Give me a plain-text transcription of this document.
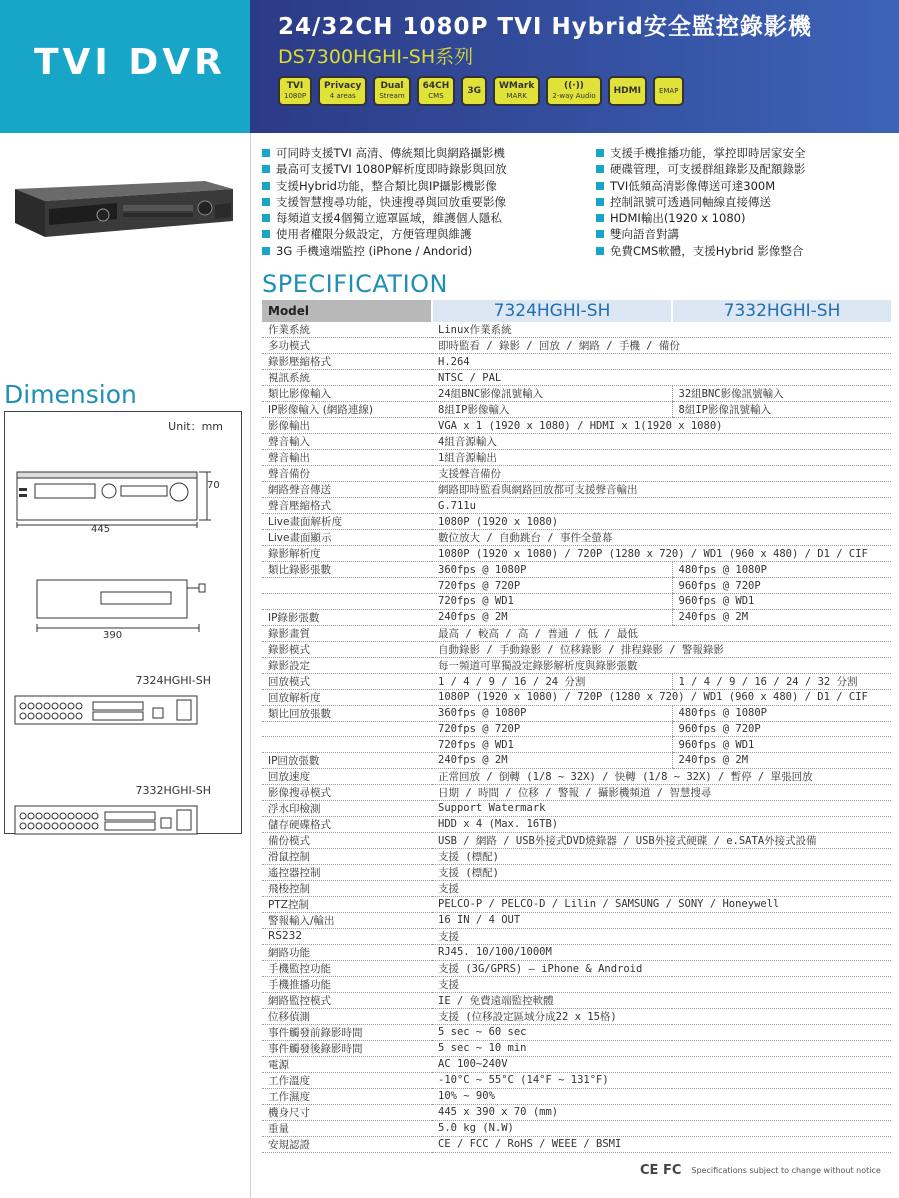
TVI DVR
24/32CH 1080P TVI Hybrid安全監控錄影機
DS7300HGHI-SH系列
TVI
1080P
Privacy
4 areas
Dual
Stream
64CH
CMS	3G WMark
MARK
((·))
2-way Audio HDMI	EMAP
可同時支援TVI 高清、傳統類比與網路攝影機
最高可支援TVI 1080P解析度即時錄影與回放
支援Hybrid功能，整合類比與IP攝影機影像
支援智慧搜尋功能，快速搜尋與回放重要影像
每頻道支援4個獨立遮罩區域，維護個人隱私
使用者權限分級設定，方便管理與維護
3G 手機遠端監控 (iPhone / Andorid)
支援手機推播功能，掌控即時居家安全
硬碟管理，可支援群組錄影及配額錄影
TVI低頻高清影像傳送可達300M
控制訊號可透過同軸線直接傳送
HDMI輸出(1920 x 1080)
雙向語音對講
免費CMS軟體，支援Hybrid 影像整合
Dimension
Unit：mm
70
445
390
7324HGHI-SH
7332HGHI-SH
SPECIFICATION
Model	7324HGHI-SH	7332HGHI-SH
作業系統	Linux作業系統	
多功模式	即時監看 / 錄影 / 回放 / 網路 / 手機 / 備份	
錄影壓縮格式	H.264	
視訊系統	NTSC / PAL	
類比影像輸入	24組BNC影像訊號輸入	32組BNC影像訊號輸入
IP影像輸入 (網路連線)	8組IP影像輸入	8組IP影像訊號輸入
影像輸出	VGA x 1 (1920 x 1080) / HDMI x 1(1920 x 1080)	
聲音輸入	4組音源輸入	
聲音輸出	1組音源輸出	
聲音備份	支援聲音備份	
網路聲音傳送	網路即時監看與網路回放都可支援聲音輸出	
聲音壓縮格式	G.711u	
Live畫面解析度	1080P (1920 x 1080)	
Live畫面顯示	數位放大 / 自動跳台 / 事件全螢幕	
錄影解析度	1080P (1920 x 1080) / 720P (1280 x 720) / WD1 (960 x 480) / D1 / CIF	
類比錄影張數	360fps @ 1080P	480fps @ 1080P
	720fps @ 720P	960fps @ 720P
	720fps @ WD1	960fps @ WD1
IP錄影張數	240fps @ 2M	240fps @ 2M
錄影畫質	最高 / 較高 / 高 / 普通 / 低 / 最低	
錄影模式	自動錄影 / 手動錄影 / 位移錄影 / 排程錄影 / 警報錄影	
錄影設定	每一頻道可單獨設定錄影解析度與錄影張數	
回放模式	1 / 4 / 9 / 16 / 24 分割	1 / 4 / 9 / 16 / 24 / 32 分割
回放解析度	1080P (1920 x 1080) / 720P (1280 x 720) / WD1 (960 x 480) / D1 / CIF	
類比回放張數	360fps @ 1080P	480fps @ 1080P
	720fps @ 720P	960fps @ 720P
	720fps @ WD1	960fps @ WD1
IP回放張數	240fps @ 2M	240fps @ 2M
回放速度	正常回放 / 倒轉 (1/8 ~ 32X) / 快轉 (1/8 ~ 32X) / 暫停 / 單張回放	
影像搜尋模式	日期 / 時間 / 位移 / 警報 / 攝影機頻道 / 智慧搜尋	
浮水印檢測	Support Watermark	
儲存硬碟格式	HDD x 4 (Max. 16TB)	
備份模式	USB / 網路 / USB外接式DVD燒錄器 / USB外接式硬碟 / e.SATA外接式設備	
滑鼠控制	支援 (標配)	
遙控器控制	支援 (標配)	
飛梭控制	支援	
PTZ控制	PELCO-P / PELCO-D / Lilin / SAMSUNG / SONY / Honeywell	
警報輸入/輸出	16 IN / 4 OUT	
RS232	支援	
網路功能	RJ45. 10/100/1000M	
手機監控功能	支援 (3G/GPRS) – iPhone & Android	
手機推播功能	支援	
網路監控模式	IE / 免費遠端監控軟體	
位移偵測	支援 (位移設定區域分成22 x 15格)	
事件觸發前錄影時間	5 sec ~ 60 sec	
事件觸發後錄影時間	5 sec ~ 10 min	
電源	AC 100~240V	
工作溫度	-10°C ~ 55°C (14°F ~ 131°F)	
工作濕度	10% ~ 90%	
機身尺寸	445 x 390 x 70 (mm)	
重量	5.0 kg (N.W)	
安規認證	CE / FCC / RoHS / WEEE / BSMI	
CE FC Specifications subject to change without notice
